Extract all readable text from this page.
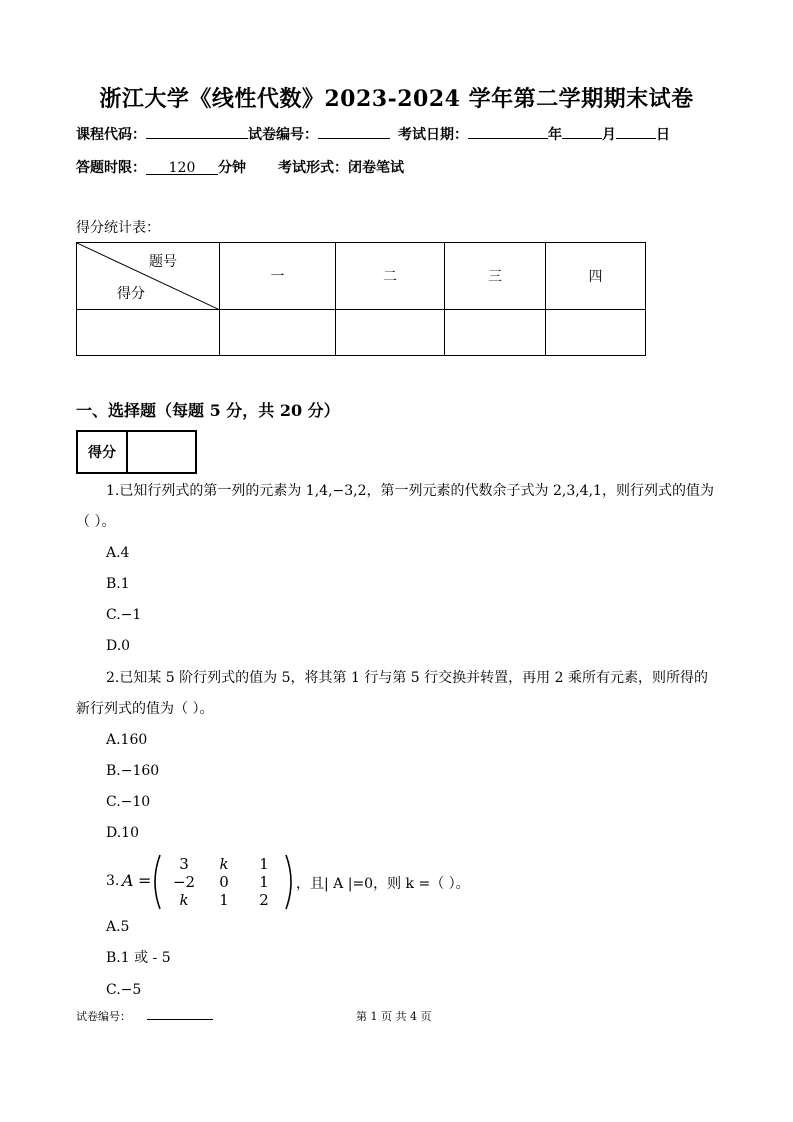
浙江大学《线性代数》2023-2024 学年第二学期期末试卷
课程代码：	试卷编号：	考试日期：	年	月	日
答题时限： 120 分钟 考试形式：闭卷笔试
得分统计表：
题号
得分	一	二	三	四

一、选择题（每题 5 分，共 20 分）
得分	
1.已知行列式的第一列的元素为 1,4,−3,2，第一列元素的代数余子式为 2,3,4,1，则行列式的值为（ ）。
A.4
B.1
C.−1
D.0
2.已知某 5 阶行列式的值为 5，将其第 1 行与第 5 行交换并转置，再用 2 乘所有元素，则所得的新行列式的值为（ ）。
A.160
B.−160
C.−10
D.10
3. A =
3	k	1
−2	0	1
k	1	2
，且| A |=0，则 k =（ ）。
A.5
B.1 或 - 5
C.−5
试卷编号：	第 1 页 共 4 页
